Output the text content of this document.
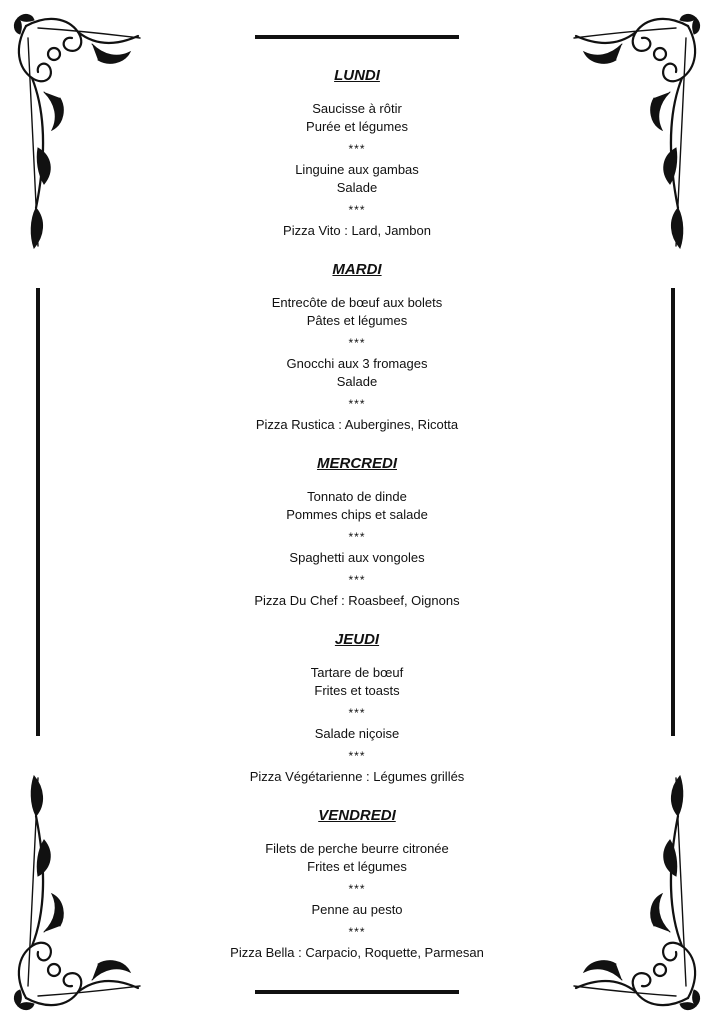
LUNDI
Saucisse à rôtir
Purée et légumes
***
Linguine aux gambas
Salade
***
Pizza Vito : Lard, Jambon
MARDI
Entrecôte de bœuf aux bolets
Pâtes et légumes
***
Gnocchi aux 3 fromages
Salade
***
Pizza Rustica : Aubergines, Ricotta
MERCREDI
Tonnato de dinde
Pommes chips et salade
***
Spaghetti aux vongoles
***
Pizza Du Chef : Roasbeef, Oignons
JEUDI
Tartare de bœuf
Frites et toasts
***
Salade niçoise
***
Pizza Végétarienne : Légumes grillés
VENDREDI
Filets de perche beurre citronée
Frites et légumes
***
Penne au pesto
***
Pizza Bella : Carpacio, Roquette, Parmesan
